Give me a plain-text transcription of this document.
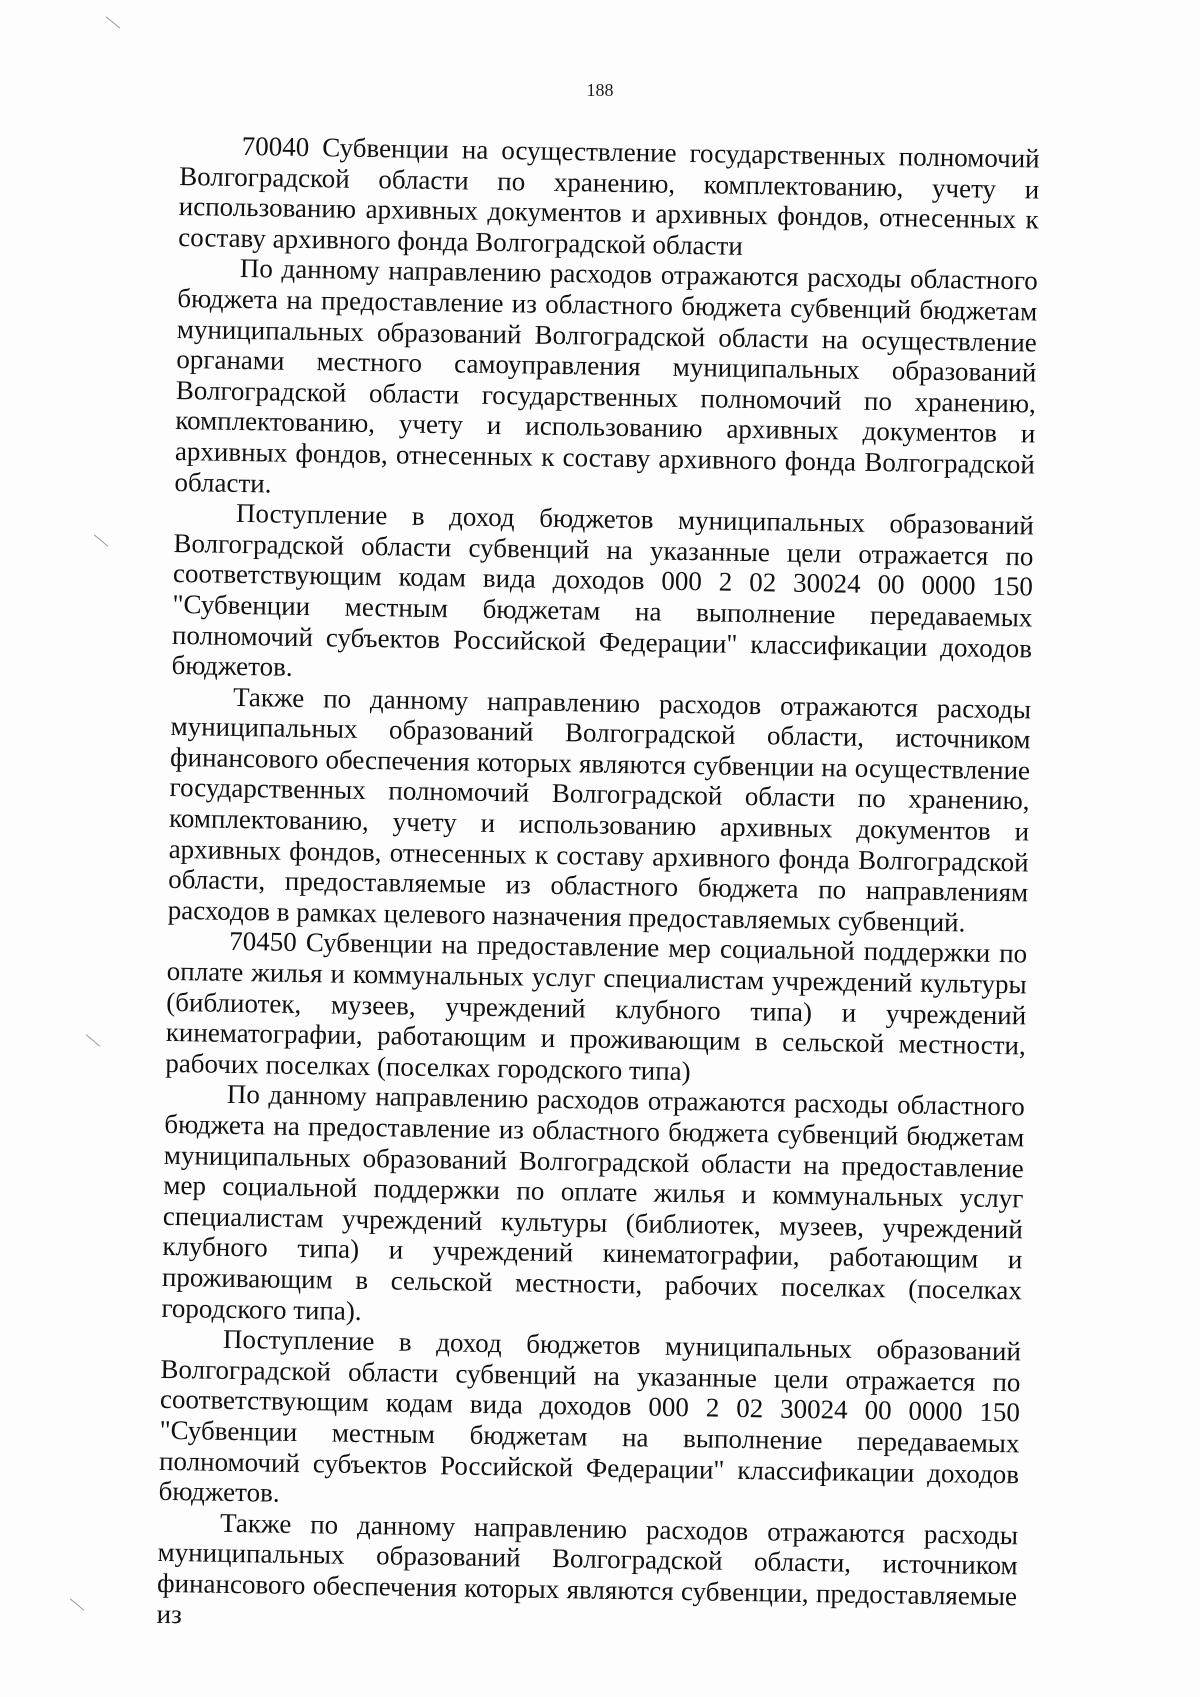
188

70040 Субвенции на осуществление государственных полномочий Волгоградской области по хранению, комплектованию, учету и использованию архивных документов и архивных фондов, отнесенных к составу архивного фонда Волгоградской области

По данному направлению расходов отражаются расходы областного бюджета на предоставление из областного бюджета субвенций бюджетам муниципальных образований Волгоградской области на осуществление органами местного самоуправления муниципальных образований Волгоградской области государственных полномочий по хранению, комплектованию, учету и использованию архивных документов и архивных фондов, отнесенных к составу архивного фонда Волгоградской области.

Поступление в доход бюджетов муниципальных образований Волгоградской области субвенций на указанные цели отражается по соответствующим кодам вида доходов 000 2 02 30024 00 0000 150 "Субвенции местным бюджетам на выполнение передаваемых полномочий субъектов Российской Федерации" классификации доходов бюджетов.

Также по данному направлению расходов отражаются расходы муниципальных образований Волгоградской области, источником финансового обеспечения которых являются субвенции на осуществление государственных полномочий Волгоградской области по хранению, комплектованию, учету и использованию архивных документов и архивных фондов, отнесенных к составу архивного фонда Волгоградской области, предоставляемые из областного бюджета по направлениям расходов в рамках целевого назначения предоставляемых субвенций.

70450 Субвенции на предоставление мер социальной поддержки по оплате жилья и коммунальных услуг специалистам учреждений культуры (библиотек, музеев, учреждений клубного типа) и учреждений кинематографии, работающим и проживающим в сельской местности, рабочих поселках (поселках городского типа)

По данному направлению расходов отражаются расходы областного бюджета на предоставление из областного бюджета субвенций бюджетам муниципальных образований Волгоградской области на предоставление мер социальной поддержки по оплате жилья и коммунальных услуг специалистам учреждений культуры (библиотек, музеев, учреждений клубного типа) и учреждений кинематографии, работающим и проживающим в сельской местности, рабочих поселках (поселках городского типа).

Поступление в доход бюджетов муниципальных образований Волгоградской области субвенций на указанные цели отражается по соответствующим кодам вида доходов 000 2 02 30024 00 0000 150 "Субвенции местным бюджетам на выполнение передаваемых полномочий субъектов Российской Федерации" классификации доходов бюджетов.

Также по данному направлению расходов отражаются расходы муниципальных образований Волгоградской области, источником финансового обеспечения которых являются субвенции, предоставляемые из
